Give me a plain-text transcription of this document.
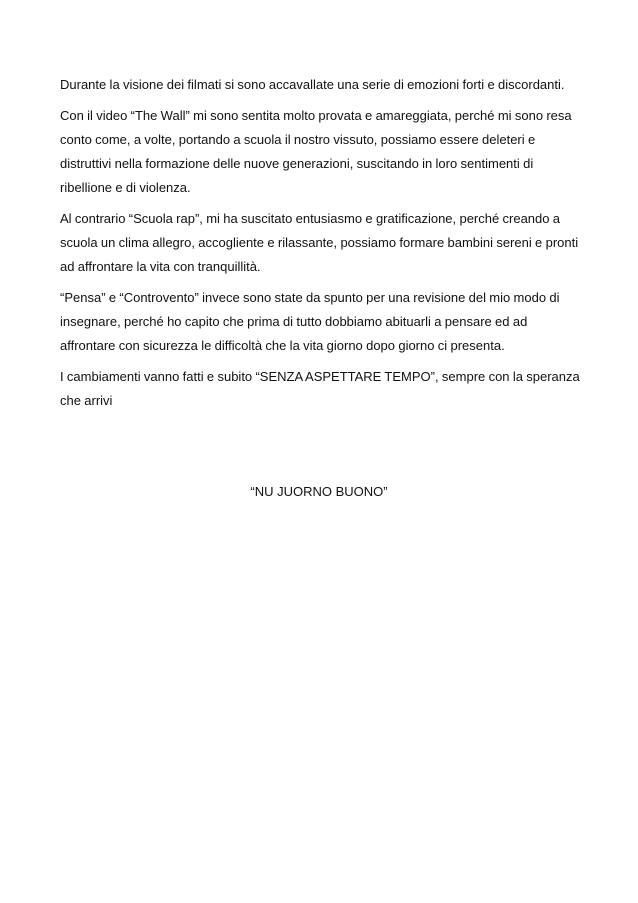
Durante la visione dei filmati si sono accavallate una serie di emozioni forti e discordanti.

Con il video “The Wall” mi sono sentita molto provata e amareggiata, perché mi sono resa conto come, a volte, portando a scuola il nostro vissuto, possiamo essere deleteri e distruttivi nella formazione delle nuove generazioni, suscitando in loro sentimenti di ribellione e di violenza.

Al contrario “Scuola rap”, mi ha suscitato entusiasmo e gratificazione, perché creando a scuola un clima allegro, accogliente e rilassante, possiamo formare bambini sereni e pronti ad affrontare la vita con tranquillità.

“Pensa” e “Controvento” invece sono state da spunto per una revisione del mio modo di insegnare, perché ho capito che prima di tutto dobbiamo abituarli a pensare ed ad affrontare con sicurezza le difficoltà che la vita giorno dopo giorno ci presenta.

I cambiamenti vanno fatti e subito “SENZA ASPETTARE TEMPO”, sempre con la speranza che arrivi

“NU JUORNO BUONO”
